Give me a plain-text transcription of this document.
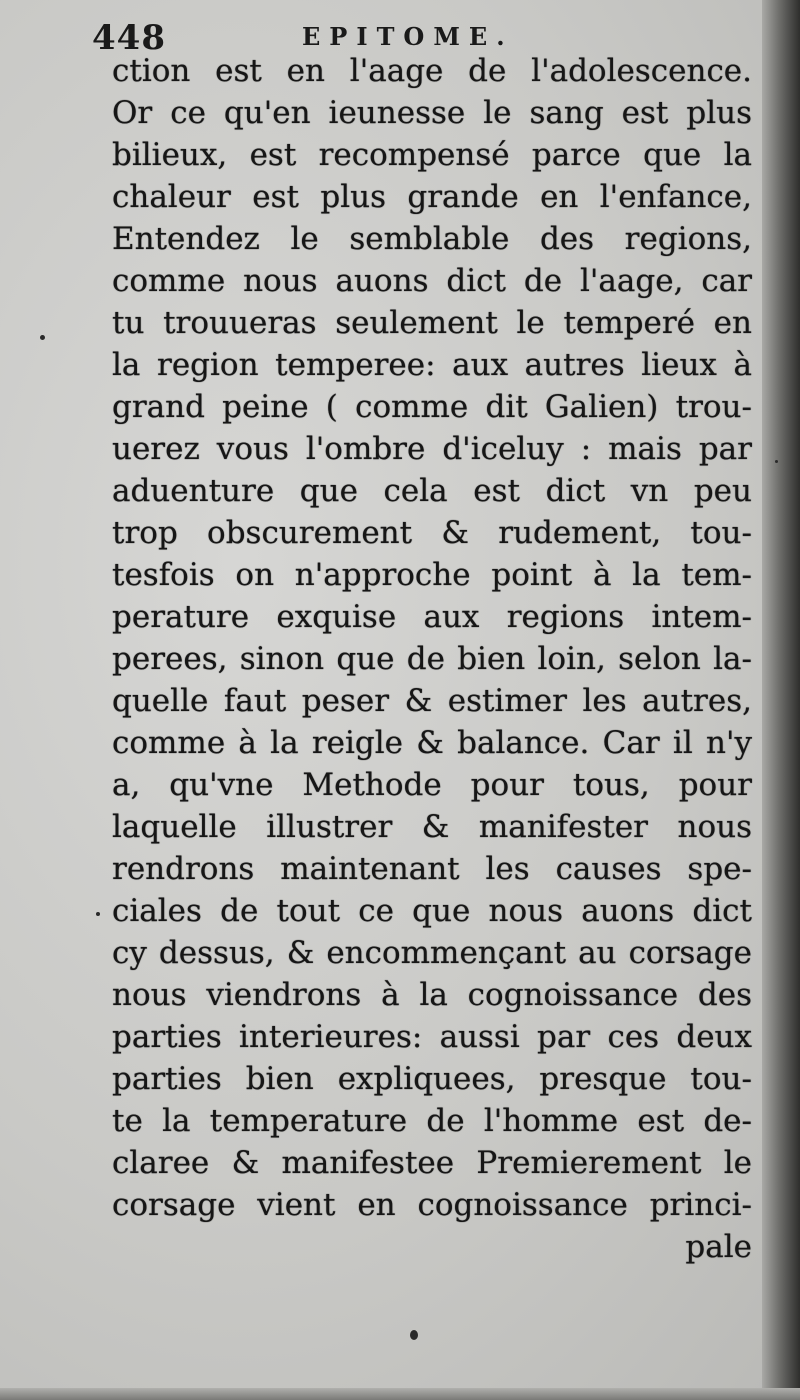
448	EPITOME.
ction est en l'aage de l'adolescence.
Or ce qu'en ieunesse le sang est plus
bilieux, est recompensé parce que la
chaleur est plus grande en l'enfance,
Entendez le semblable des regions,
comme nous auons dict de l'aage, car
tu trouueras seulement le temperé en
la region temperee: aux autres lieux à
grand peine ( comme dit Galien) trou-
uerez vous l'ombre d'iceluy : mais par
aduenture que cela est dict vn peu
trop obscurement & rudement, tou-
tesfois on n'approche point à la tem-
perature exquise aux regions intem-
perees, sinon que de bien loin, selon la-
quelle faut peser & estimer les autres,
comme à la reigle & balance. Car il n'y
a, qu'vne Methode pour tous, pour
laquelle illustrer & manifester nous
rendrons maintenant les causes spe-
ciales de tout ce que nous auons dict
cy dessus, & encommençant au corsage
nous viendrons à la cognoissance des
parties interieures: aussi par ces deux
parties bien expliquees, presque tou-
te la temperature de l'homme est de-
claree & manifestee Premierement le
corsage vient en cognoissance princi-
pale
